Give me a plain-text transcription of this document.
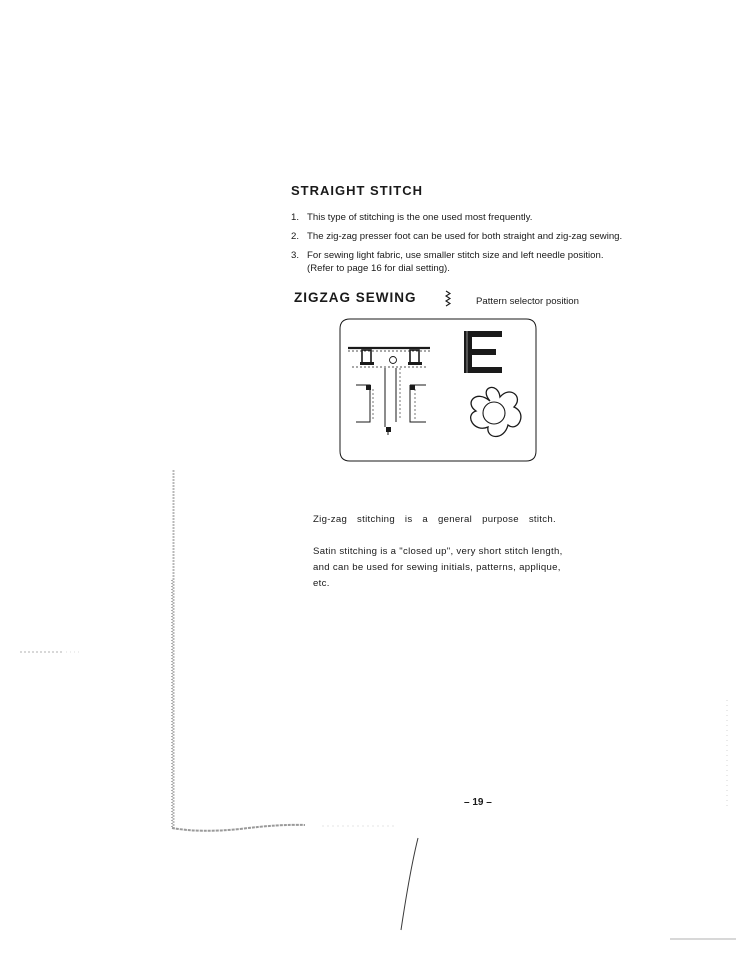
STRAIGHT STITCH
1. This type of stitching is the one used most frequently.
2. The zig-zag presser foot can be used for both straight and zig-zag sewing.
3. For sewing light fabric, use smaller stitch size and left needle position.
(Refer to page 16 for dial setting).
ZIGZAG SEWING	Pattern selector position

Zig-zag stitching is a general purpose stitch.

Satin stitching is a "closed up", very short stitch length, and can be used for sewing initials, patterns, applique, etc.

– 19 –
